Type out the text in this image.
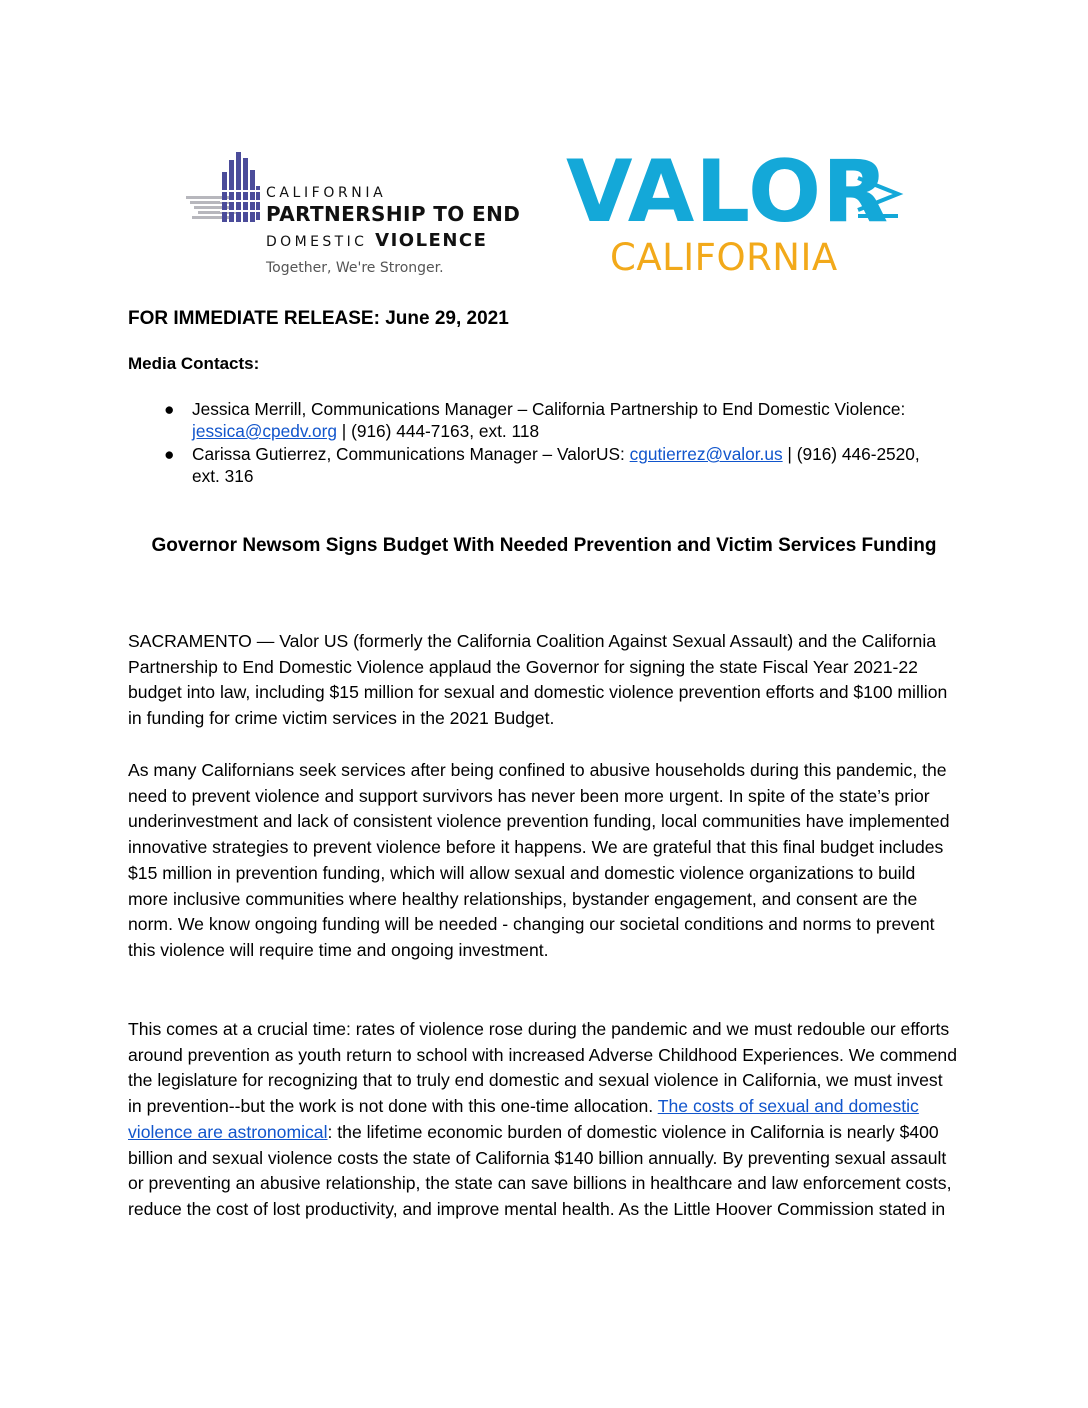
CALIFORNIA
PARTNERSHIP TO END
DOMESTIC VIOLENCE
Together, We're Stronger.
VALOR
CALIFORNIA
FOR IMMEDIATE RELEASE: June 29, 2021
Media Contacts:
● Jessica Merrill, Communications Manager – California Partnership to End Domestic Violence: jessica@cpedv.org | (916) 444-7163, ext. 118
● Carissa Gutierrez, Communications Manager – ValorUS: cgutierrez@valor.us | (916) 446-2520, ext. 316
Governor Newsom Signs Budget With Needed Prevention and Victim Services Funding

SACRAMENTO — Valor US (formerly the California Coalition Against Sexual Assault) and the California Partnership to End Domestic Violence applaud the Governor for signing the state Fiscal Year 2021-22 budget into law, including $15 million for sexual and domestic violence prevention efforts and $100 million in funding for crime victim services in the 2021 Budget.

As many Californians seek services after being confined to abusive households during this pandemic, the need to prevent violence and support survivors has never been more urgent. In spite of the state’s prior underinvestment and lack of consistent violence prevention funding, local communities have implemented innovative strategies to prevent violence before it happens. We are grateful that this final budget includes $15 million in prevention funding, which will allow sexual and domestic violence organizations to build more inclusive communities where healthy relationships, bystander engagement, and consent are the norm. We know ongoing funding will be needed - changing our societal conditions and norms to prevent this violence will require time and ongoing investment.

This comes at a crucial time: rates of violence rose during the pandemic and we must redouble our efforts around prevention as youth return to school with increased Adverse Childhood Experiences. We commend the legislature for recognizing that to truly end domestic and sexual violence in California, we must invest in prevention--but the work is not done with this one-time allocation. The costs of sexual and domestic violence are astronomical: the lifetime economic burden of domestic violence in California is nearly $400 billion and sexual violence costs the state of California $140 billion annually. By preventing sexual assault or preventing an abusive relationship, the state can save billions in healthcare and law enforcement costs, reduce the cost of lost productivity, and improve mental health. As the Little Hoover Commission stated in
